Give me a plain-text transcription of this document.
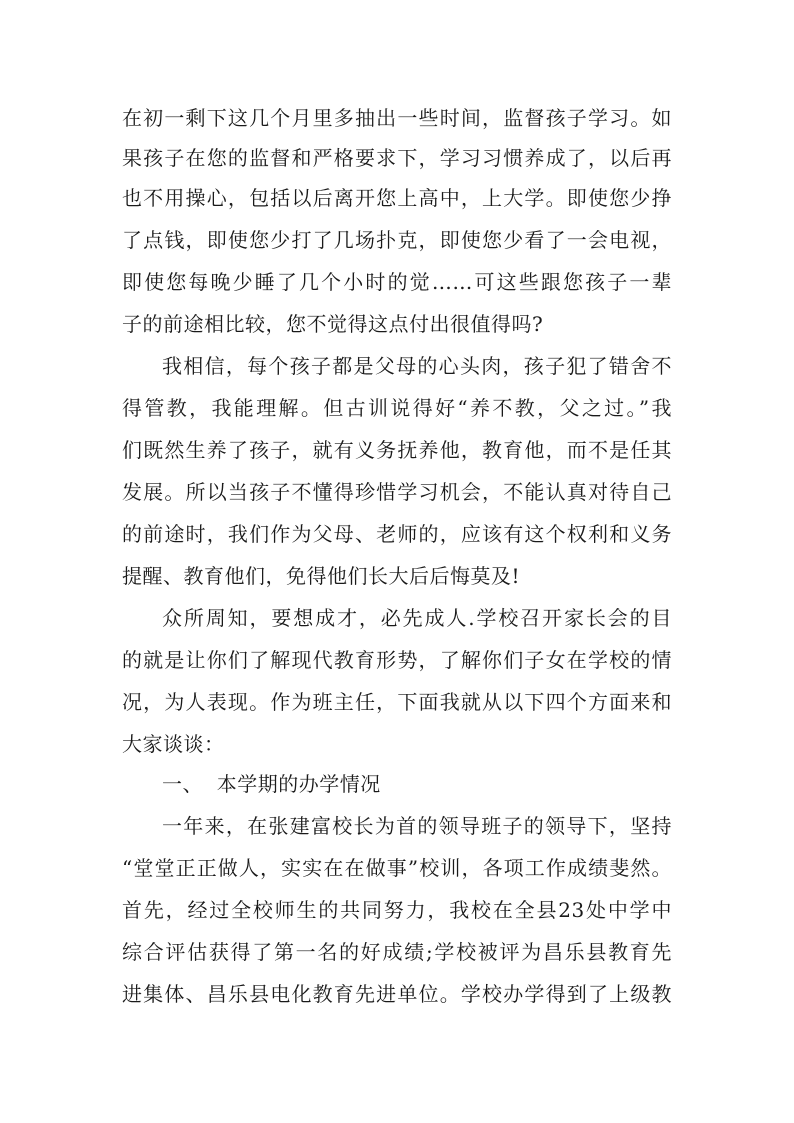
在初一剩下这几个月里多抽出一些时间，监督孩子学习。如
果孩子在您的监督和严格要求下，学习习惯养成了，以后再
也不用操心，包括以后离开您上高中，上大学。即使您少挣
了点钱，即使您少打了几场扑克，即使您少看了一会电视，
即使您每晚少睡了几个小时的觉……可这些跟您孩子一辈
子的前途相比较，您不觉得这点付出很值得吗?
我相信，每个孩子都是父母的心头肉，孩子犯了错舍不
得管教，我能理解。但古训说得好“养不教，父之过。”我
们既然生养了孩子，就有义务抚养他，教育他，而不是任其
发展。所以当孩子不懂得珍惜学习机会，不能认真对待自己
的前途时，我们作为父母、老师的，应该有这个权利和义务
提醒、教育他们，免得他们长大后后悔莫及!
众所周知，要想成才，必先成人.学校召开家长会的目
的就是让你们了解现代教育形势，了解你们子女在学校的情
况，为人表现。作为班主任，下面我就从以下四个方面来和
大家谈谈：
一、  本学期的办学情况
一年来，在张建富校长为首的领导班子的领导下，坚持
“堂堂正正做人，实实在在做事”校训，各项工作成绩斐然。
首先，经过全校师生的共同努力，我校在全县23处中学中
综合评估获得了第一名的好成绩;学校被评为昌乐县教育先
进集体、昌乐县电化教育先进单位。学校办学得到了上级教
